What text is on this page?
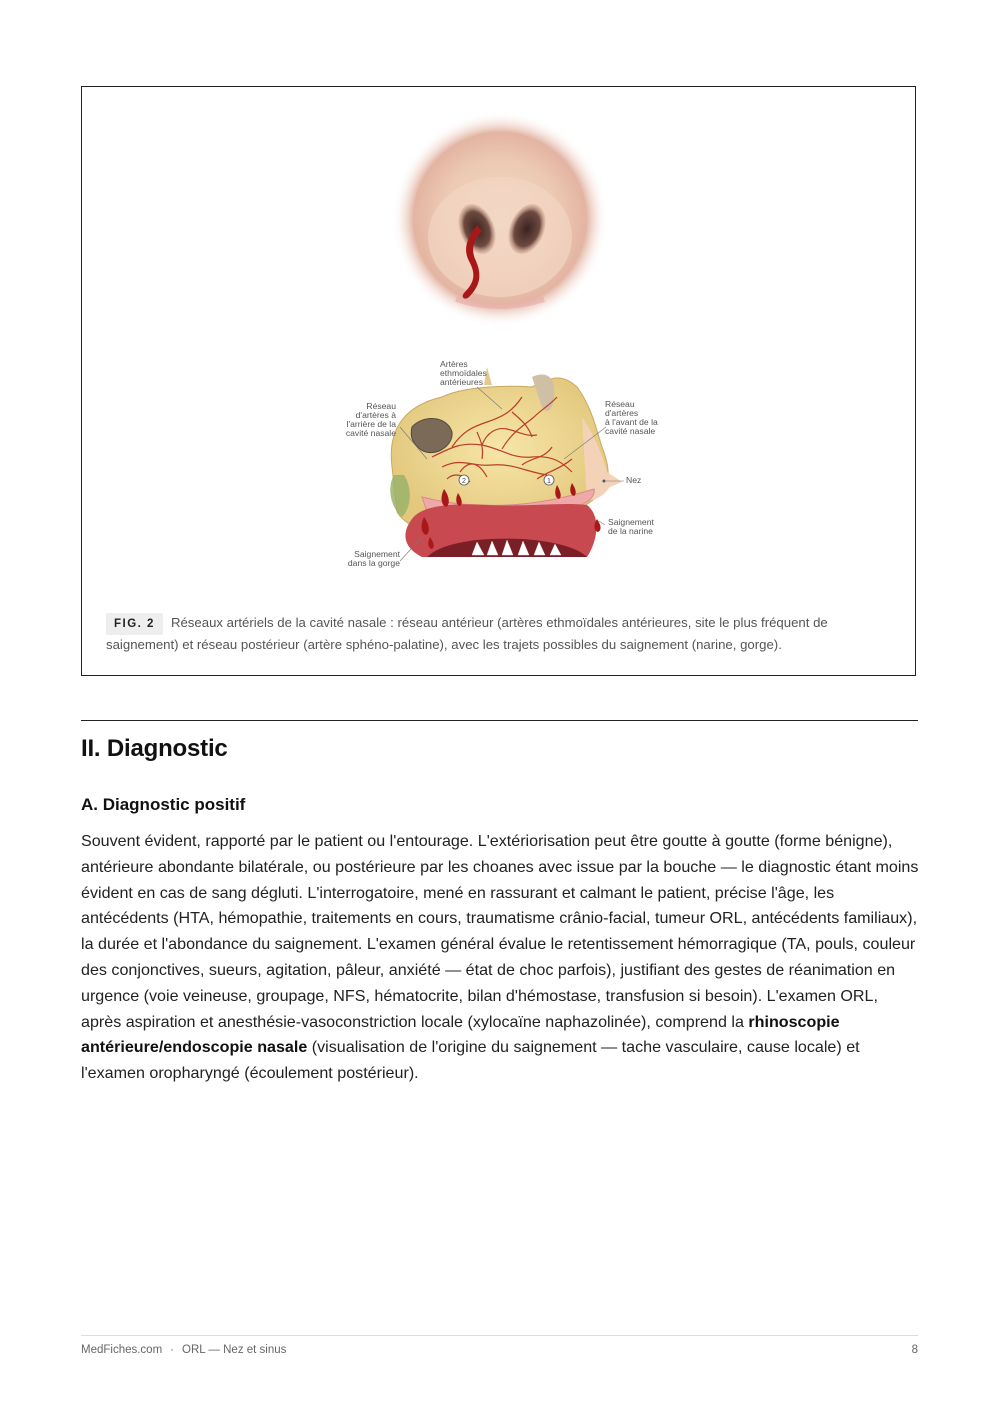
2	1
Artères
ethmoïdales
antérieures
Réseau
d'artères à
l'arrière de la
cavité nasale
Réseau
d'artères
à l'avant de la
cavité nasale
Nez
Saignement
de la narine
Saignement
dans la gorge
FIG. 2 Réseaux artériels de la cavité nasale : réseau antérieur (artères ethmoïdales antérieures, site le plus fréquent de saignement) et réseau postérieur (artère sphéno-palatine), avec les trajets possibles du saignement (narine, gorge).
II. Diagnostic
A. Diagnostic positif

Souvent évident, rapporté par le patient ou l'entourage. L'extériorisation peut être goutte à goutte (forme bénigne), antérieure abondante bilatérale, ou postérieure par les choanes avec issue par la bouche — le diagnostic étant moins évident en cas de sang dégluti. L'interrogatoire, mené en rassurant et calmant le patient, précise l'âge, les antécédents (HTA, hémopathie, traitements en cours, traumatisme crânio-facial, tumeur ORL, antécédents familiaux), la durée et l'abondance du saignement. L'examen général évalue le retentissement hémorragique (TA, pouls, couleur des conjonctives, sueurs, agitation, pâleur, anxiété — état de choc parfois), justifiant des gestes de réanimation en urgence (voie veineuse, groupage, NFS, hématocrite, bilan d'hémostase, transfusion si besoin). L'examen ORL, après aspiration et anesthésie-vasoconstriction locale (xylocaïne naphazolinée), comprend la rhinoscopie antérieure/endoscopie nasale (visualisation de l'origine du saignement — tache vasculaire, cause locale) et l'examen oropharyngé (écoulement postérieur).

MedFiches.com · ORL — Nez et sinus	8
